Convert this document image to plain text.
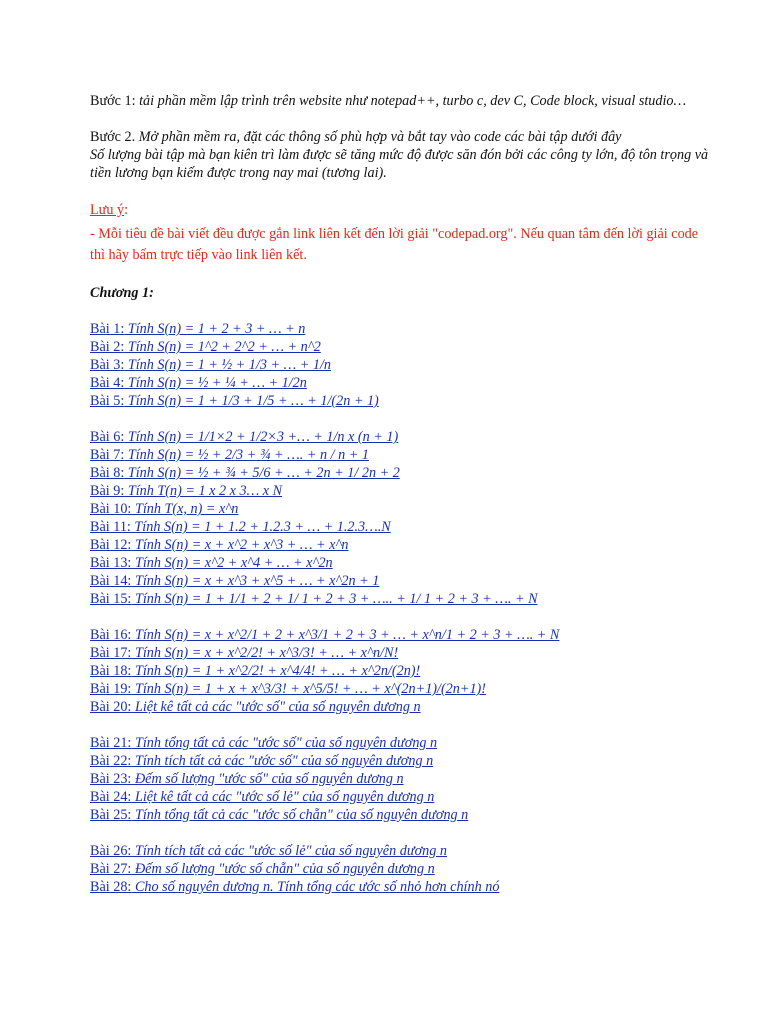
Bước 1: tải phần mềm lập trình trên website như notepad++, turbo c, dev C, Code block, visual studio…

Bước 2. Mở phần mềm ra, đặt các thông số phù hợp và bắt tay vào code các bài tập dưới đây

Số lượng bài tập mà bạn kiên trì làm được sẽ tăng mức độ được săn đón bởi các công ty lớn, độ tôn trọng và tiền lương bạn kiếm được trong nay mai (tương lai).

Lưu ý:
- Mỗi tiêu đề bài viết đều được gắn link liên kết đến lời giải "codepad.org". Nếu quan tâm đến lời giải code thì hãy bấm trực tiếp vào link liên kết.
Chương 1:
Bài 1: Tính S(n) = 1 + 2 + 3 + … + n
Bài 2: Tính S(n) = 1^2 + 2^2 + … + n^2
Bài 3: Tính S(n) = 1 + ½ + 1/3 + … + 1/n
Bài 4: Tính S(n) = ½ + ¼ + … + 1/2n
Bài 5: Tính S(n) = 1 + 1/3 + 1/5 + … + 1/(2n + 1)
Bài 6: Tính S(n) = 1/1×2 + 1/2×3 +… + 1/n x (n + 1)
Bài 7: Tính S(n) = ½ + 2/3 + ¾ + …. + n / n + 1
Bài 8: Tính S(n) = ½ + ¾ + 5/6 + … + 2n + 1/ 2n + 2
Bài 9: Tính T(n) = 1 x 2 x 3… x N
Bài 10: Tính T(x, n) = x^n
Bài 11: Tính S(n) = 1 + 1.2 + 1.2.3 + … + 1.2.3….N
Bài 12: Tính S(n) = x + x^2 + x^3 + … + x^n
Bài 13: Tính S(n) = x^2 + x^4 + … + x^2n
Bài 14: Tính S(n) = x + x^3 + x^5 + … + x^2n + 1
Bài 15: Tính S(n) = 1 + 1/1 + 2 + 1/ 1 + 2 + 3 + ….. + 1/ 1 + 2 + 3 + …. + N
Bài 16: Tính S(n) = x + x^2/1 + 2 + x^3/1 + 2 + 3 + … + x^n/1 + 2 + 3 + …. + N
Bài 17: Tính S(n) = x + x^2/2! + x^3/3! + … + x^n/N!
Bài 18: Tính S(n) = 1 + x^2/2! + x^4/4! + … + x^2n/(2n)!
Bài 19: Tính S(n) = 1 + x + x^3/3! + x^5/5! + … + x^(2n+1)/(2n+1)!
Bài 20: Liệt kê tất cả các "ước số" của số nguyên dương n
Bài 21: Tính tổng tất cả các "ước số" của số nguyên dương n
Bài 22: Tính tích tất cả các "ước số" của số nguyên dương n
Bài 23: Đếm số lượng "ước số" của số nguyên dương n
Bài 24: Liệt kê tất cả các "ước số lẻ" của số nguyên dương n
Bài 25: Tính tổng tất cả các "ước số chẵn" của số nguyên dương n
Bài 26: Tính tích tất cả các "ước số lẻ" của số nguyên dương n
Bài 27: Đếm số lượng "ước số chẵn" của số nguyên dương n
Bài 28: Cho số nguyên dương n. Tính tổng các ước số nhỏ hơn chính nó
